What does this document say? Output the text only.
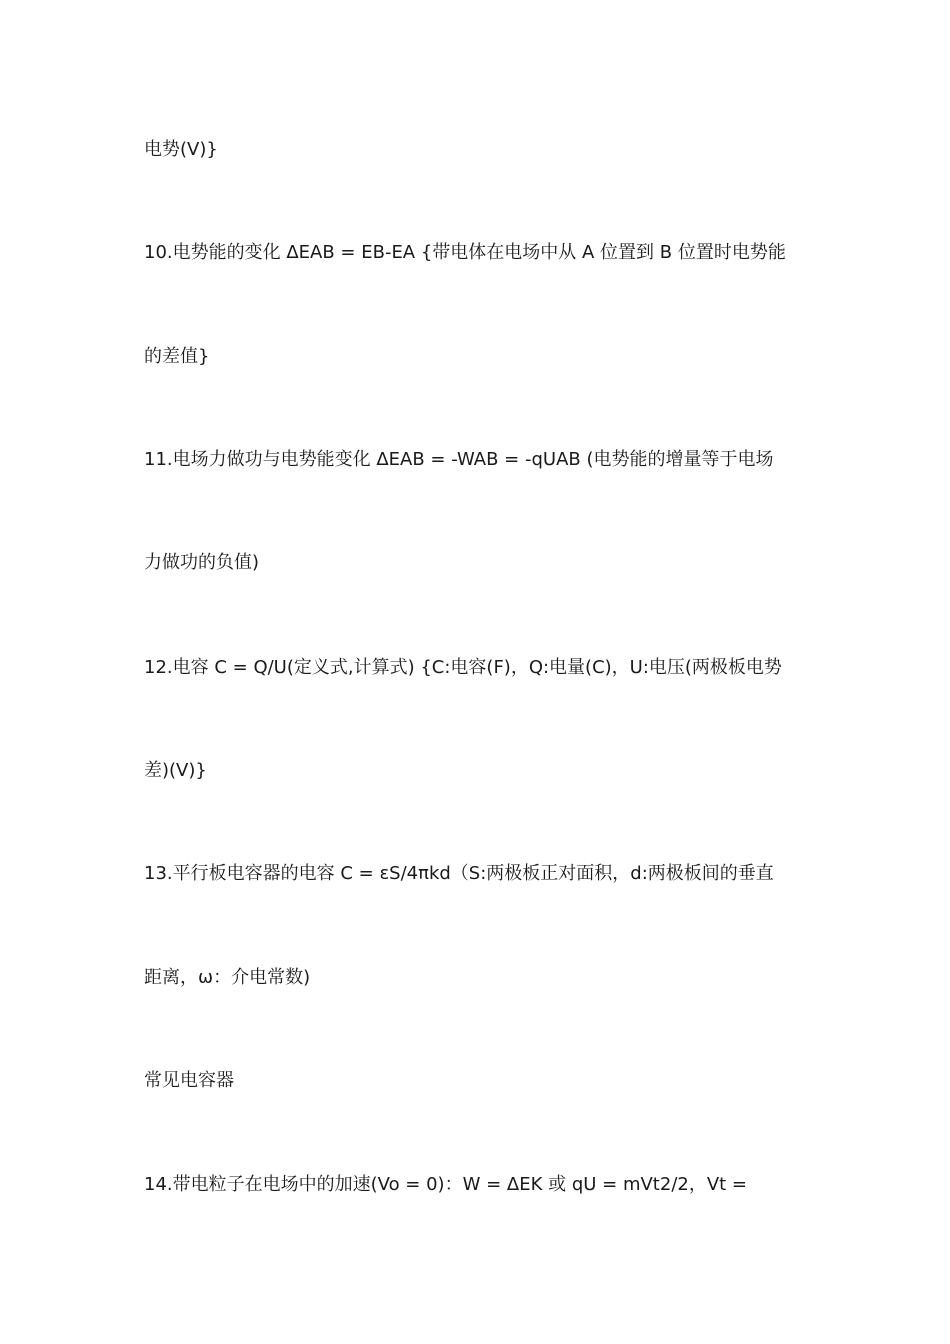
电势(V)}
10.电势能的变化 ΔEAB = EB-EA {带电体在电场中从 A 位置到 B 位置时电势能
的差值}
11.电场力做功与电势能变化 ΔEAB = -WAB = -qUAB (电势能的增量等于电场
力做功的负值)
12.电容 C = Q/U(定义式,计算式) {C:电容(F)，Q:电量(C)，U:电压(两极板电势
差)(V)}
13.平行板电容器的电容 C = εS/4πkd（S:两极板正对面积，d:两极板间的垂直
距离，ω：介电常数)
常见电容器
14.带电粒子在电场中的加速(Vo = 0)：W = ΔEK 或 qU = mVt2/2，Vt =
